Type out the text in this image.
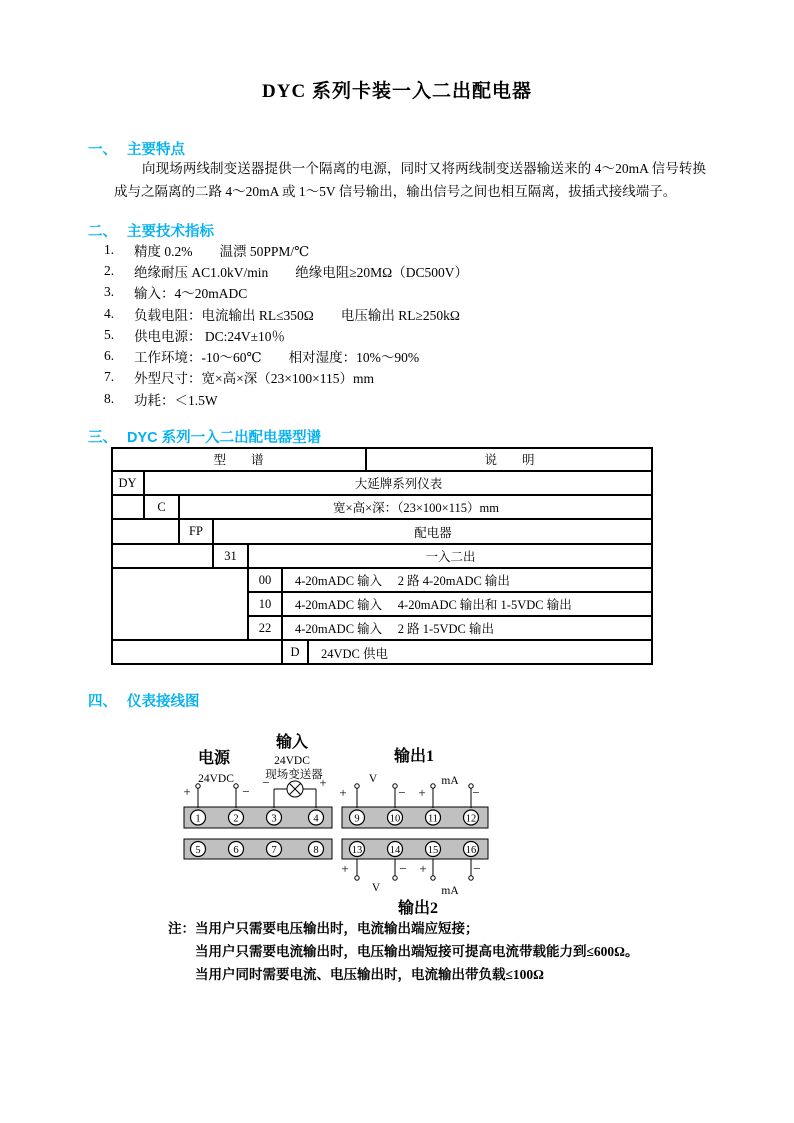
DYC 系列卡装一入二出配电器
一、 主要特点
向现场两线制变送器提供一个隔离的电源，同时又将两线制变送器输送来的 4～20mA 信号转换成与之隔离的二路 4～20mA 或 1～5V 信号输出，输出信号之间也相互隔离，拔插式接线端子。
二、 主要技术指标
1.	精度 0.2%　　温漂 50PPM/℃
2.	绝缘耐压 AC1.0kV/min　　绝缘电阻≥20MΩ（DC500V）
3.	输入：4～20mADC
4.	负载电阻：电流输出 RL≤350Ω　　电压输出 RL≥250kΩ
5.	供电电源： DC:24V±10％
6.	工作环境：-10～60℃　　相对湿度：10%～90%
7.	外型尺寸：宽×高×深（23×100×115）mm
8.	功耗：＜1.5W
三、 DYC 系列一入二出配电器型谱
型　　谱	说　　明
DY	大延牌系列仪表
C	宽×高×深：（23×100×115）mm
FP	配电器
31	一入二出
00	4-20mADC 输入　 2 路 4-20mADC 输出
10	4-20mADC 输入　 4-20mADC 输出和 1-5VDC 输出
22	4-20mADC 输入　 2 路 1-5VDC 输出
D	24VDC 供电
四、 仪表接线图
1	2	3	4
5	6	7	8
9	10	11	12
13	14	15	16
电源
24VDC
输入
24VDC
现场变送器
输出1
输出2
V	mA
V	mA
+	−
−	+
+	− +	−
+	− +	−
注： 当用户只需要电压输出时，电流输出端应短接；
当用户只需要电流输出时，电压输出端短接可提高电流带载能力到≤600Ω。
当用户同时需要电流、电压输出时，电流输出带负载≤100Ω
